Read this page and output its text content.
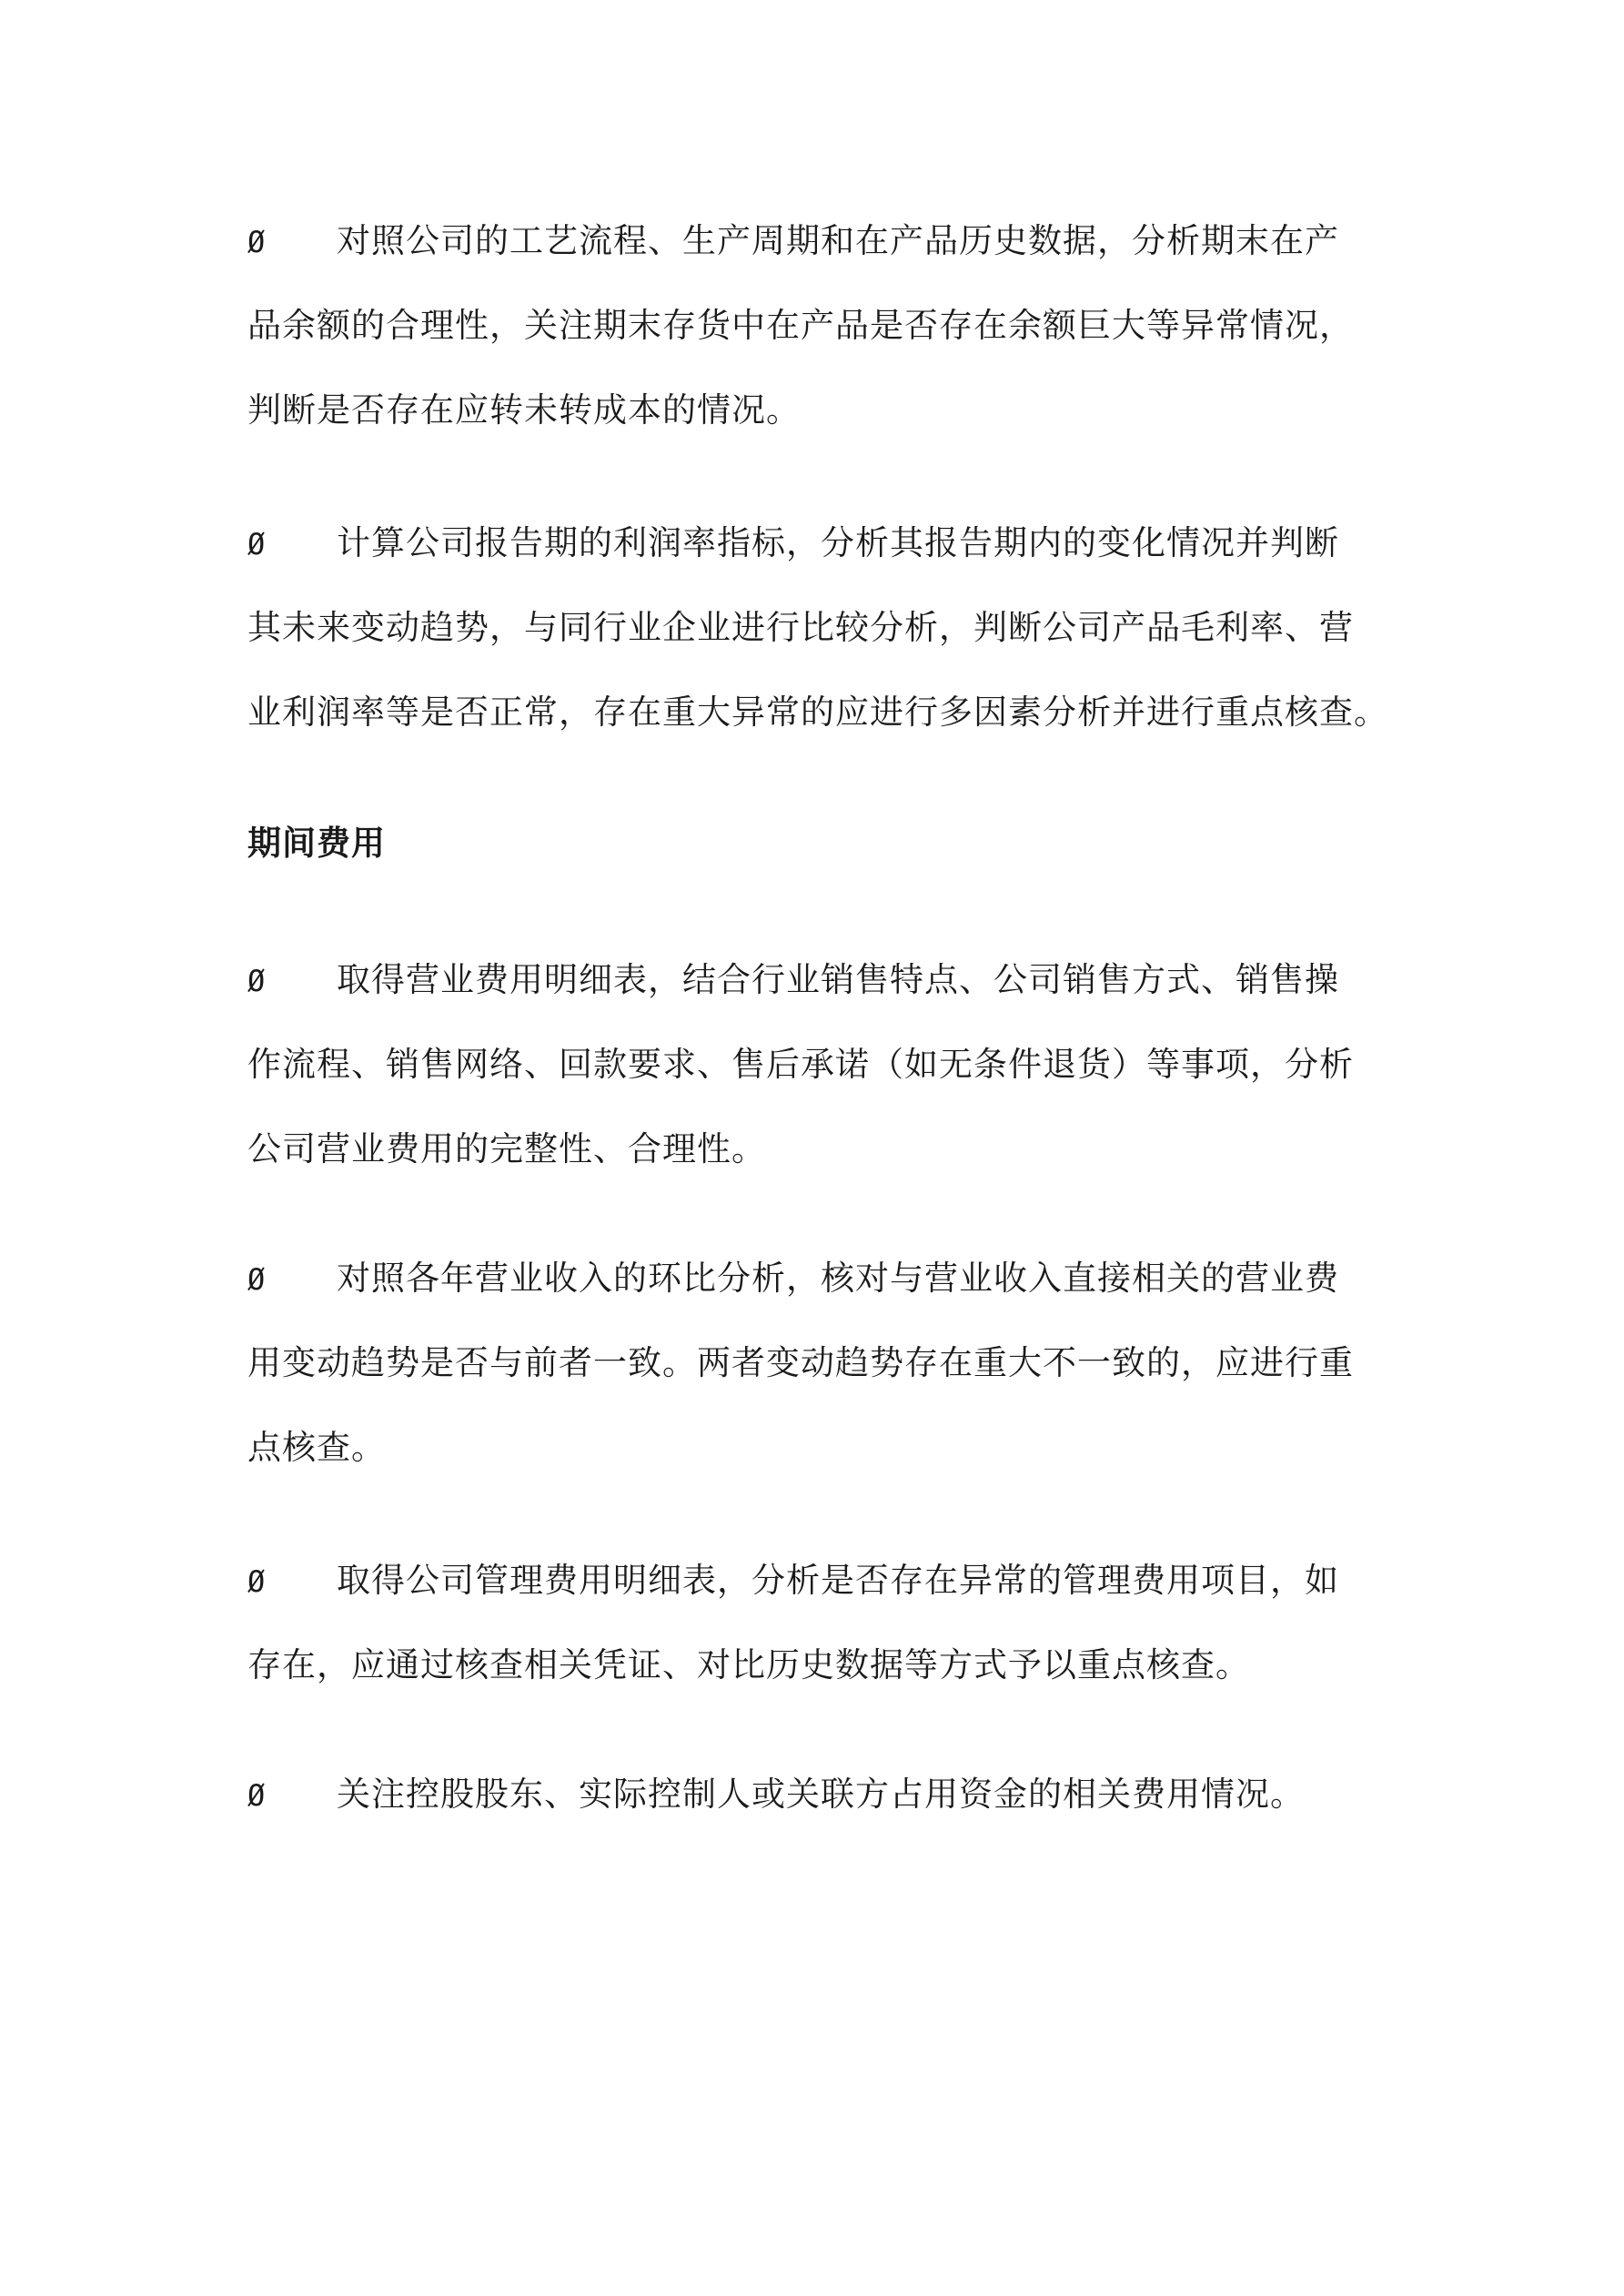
Ø 对照公司的工艺流程、生产周期和在产品历史数据，分析期末在产
品余额的合理性，关注期末存货中在产品是否存在余额巨大等异常情况，
判断是否存在应转未转成本的情况。
Ø 计算公司报告期的利润率指标，分析其报告期内的变化情况并判断
其未来变动趋势，与同行业企业进行比较分析，判断公司产品毛利率、营
业利润率等是否正常，存在重大异常的应进行多因素分析并进行重点核查。
期间费用
Ø 取得营业费用明细表，结合行业销售特点、公司销售方式、销售操
作流程、销售网络、回款要求、售后承诺（如无条件退货）等事项，分析
公司营业费用的完整性、合理性。
Ø 对照各年营业收入的环比分析，核对与营业收入直接相关的营业费
用变动趋势是否与前者一致。两者变动趋势存在重大不一致的，应进行重
点核查。
Ø 取得公司管理费用明细表，分析是否存在异常的管理费用项目，如
存在，应通过核查相关凭证、对比历史数据等方式予以重点核查。
Ø 关注控股股东、实际控制人或关联方占用资金的相关费用情况。
